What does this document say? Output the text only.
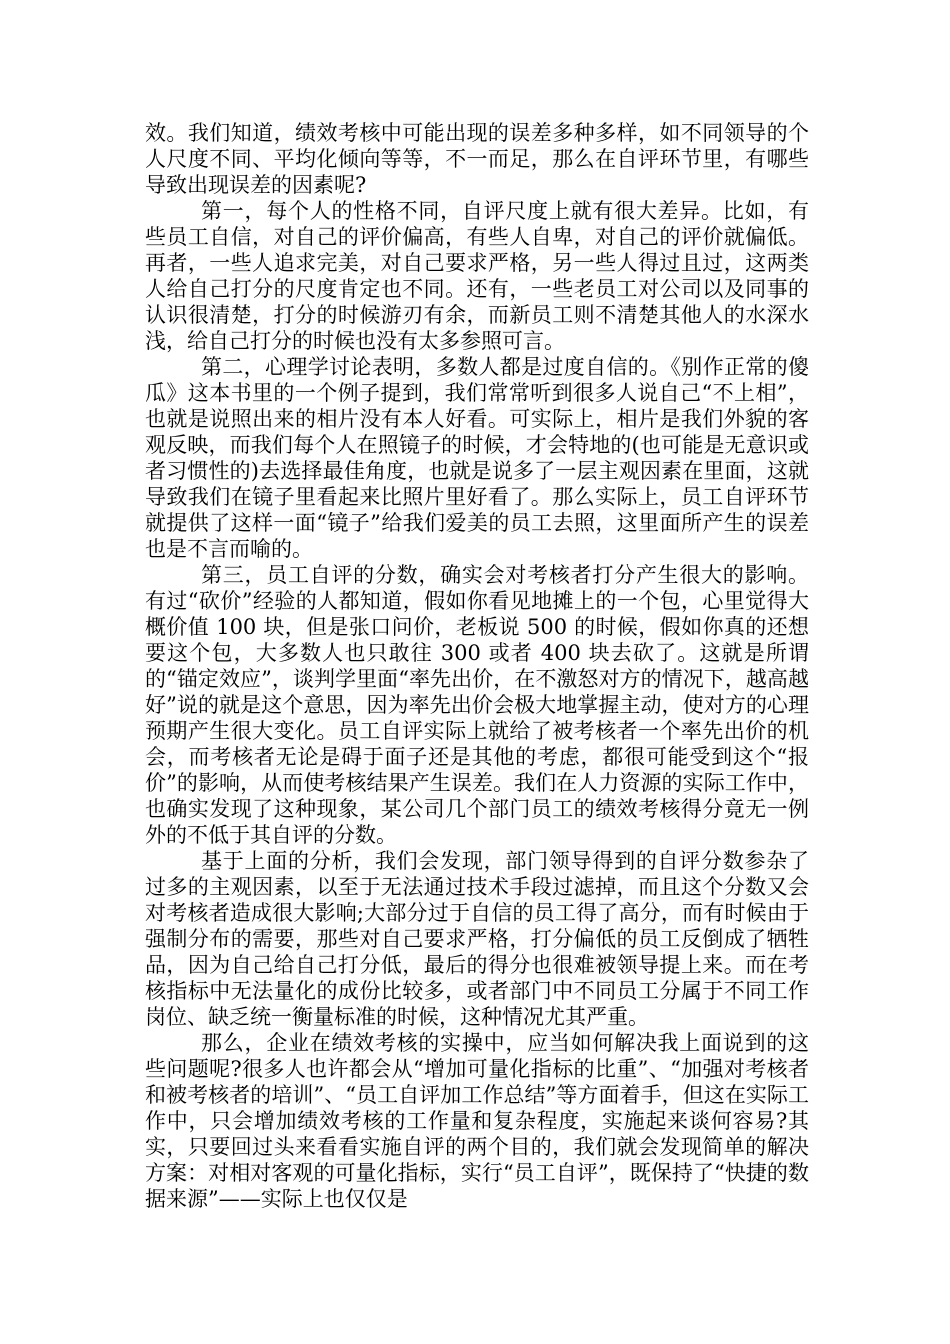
效。我们知道，绩效考核中可能出现的误差多种多样，如不同领导的个人尺度不同、平均化倾向等等，不一而足，那么在自评环节里，有哪些导致出现误差的因素呢?

第一，每个人的性格不同，自评尺度上就有很大差异。比如，有些员工自信，对自己的评价偏高，有些人自卑，对自己的评价就偏低。再者，一些人追求完美，对自己要求严格，另一些人得过且过，这两类人给自己打分的尺度肯定也不同。还有，一些老员工对公司以及同事的认识很清楚，打分的时候游刃有余，而新员工则不清楚其他人的水深水浅，给自己打分的时候也没有太多参照可言。

第二，心理学讨论表明，多数人都是过度自信的。《别作正常的傻瓜》这本书里的一个例子提到，我们常常听到很多人说自己“不上相”，也就是说照出来的相片没有本人好看。可实际上，相片是我们外貌的客观反映，而我们每个人在照镜子的时候，才会特地的(也可能是无意识或者习惯性的)去选择最佳角度，也就是说多了一层主观因素在里面，这就导致我们在镜子里看起来比照片里好看了。那么实际上，员工自评环节就提供了这样一面“镜子”给我们爱美的员工去照，这里面所产生的误差也是不言而喻的。

第三，员工自评的分数，确实会对考核者打分产生很大的影响。有过“砍价”经验的人都知道，假如你看见地摊上的一个包，心里觉得大概价值 100 块，但是张口问价，老板说 500 的时候，假如你真的还想要这个包，大多数人也只敢往 300 或者 400 块去砍了。这就是所谓的“锚定效应”，谈判学里面“率先出价，在不激怒对方的情况下，越高越好”说的就是这个意思，因为率先出价会极大地掌握主动，使对方的心理预期产生很大变化。员工自评实际上就给了被考核者一个率先出价的机会，而考核者无论是碍于面子还是其他的考虑，都很可能受到这个“报价”的影响，从而使考核结果产生误差。我们在人力资源的实际工作中，也确实发现了这种现象，某公司几个部门员工的绩效考核得分竟无一例外的不低于其自评的分数。

基于上面的分析，我们会发现，部门领导得到的自评分数参杂了过多的主观因素，以至于无法通过技术手段过滤掉，而且这个分数又会对考核者造成很大影响;大部分过于自信的员工得了高分，而有时候由于强制分布的需要，那些对自己要求严格，打分偏低的员工反倒成了牺牲品，因为自己给自己打分低，最后的得分也很难被领导提上来。而在考核指标中无法量化的成份比较多，或者部门中不同员工分属于不同工作岗位、缺乏统一衡量标准的时候，这种情况尤其严重。

那么，企业在绩效考核的实操中，应当如何解决我上面说到的这些问题呢?很多人也许都会从“增加可量化指标的比重”、“加强对考核者和被考核者的培训”、“员工自评加工作总结”等方面着手，但这在实际工作中，只会增加绩效考核的工作量和复杂程度，实施起来谈何容易?其实，只要回过头来看看实施自评的两个目的，我们就会发现简单的解决方案：对相对客观的可量化指标，实行“员工自评”，既保持了“快捷的数据来源”——实际上也仅仅是
